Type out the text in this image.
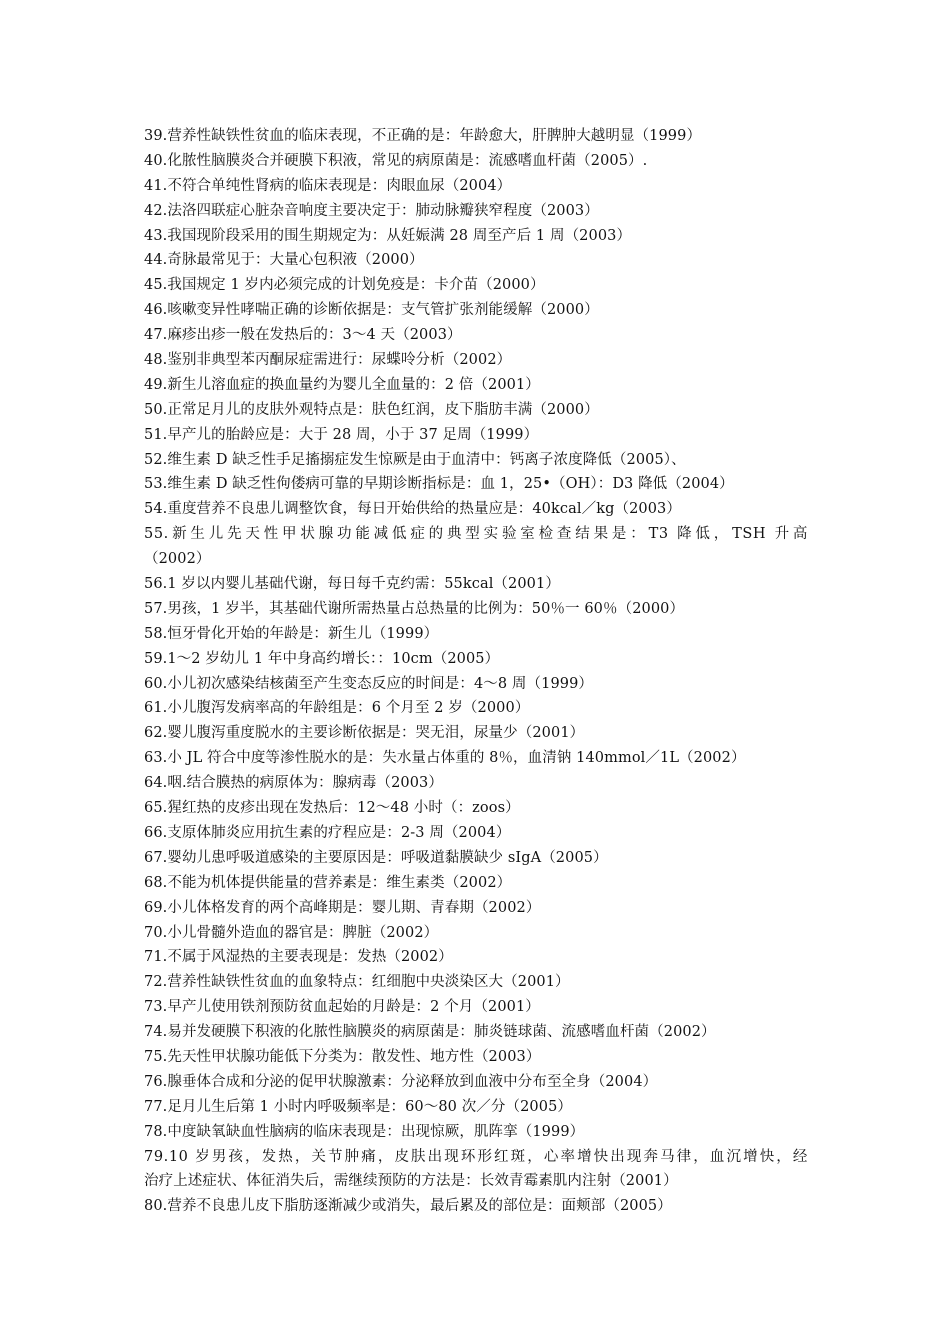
39.营养性缺铁性贫血的临床表现，不正确的是：年龄愈大，肝脾肿大越明显（1999）
40.化脓性脑膜炎合并硬膜下积液，常见的病原菌是：流感嗜血杆菌（2005）.
41.不符合单纯性肾病的临床表现是：肉眼血尿（2004）
42.法洛四联症心脏杂音响度主要决定于：肺动脉瓣狭窄程度（2003）
43.我国现阶段采用的围生期规定为：从妊娠满 28 周至产后 1 周（2003）
44.奇脉最常见于：大量心包积液（2000）
45.我国规定 1 岁内必须完成的计划免疫是：卡介苗（2000）
46.咳嗽变异性哮喘正确的诊断依据是：支气管扩张剂能缓解（2000）
47.麻疹出疹一般在发热后的：3～4 天（2003）
48.鉴别非典型苯丙酮尿症需进行：尿蝶呤分析（2002）
49.新生儿溶血症的换血量约为婴儿全血量的：2 倍（2001）
50.正常足月儿的皮肤外观特点是：肤色红润，皮下脂肪丰满（2000）
51.早产儿的胎龄应是：大于 28 周，小于 37 足周（1999）
52.维生素 D 缺乏性手足搐搦症发生惊厥是由于血清中：钙离子浓度降低（2005）、
53.维生素 D 缺乏性佝偻病可靠的早期诊断指标是：血 1，25•（OH）：D3 降低（2004）
54.重度营养不良患儿调整饮食，每日开始供给的热量应是：40kcal／kg（2003）
55.新生儿先天性甲状腺功能减低症的典型实验室检查结果是：T3 降低，TSH 升高
（2002）
56.1 岁以内婴儿基础代谢，每日每千克约需：55kcal（2001）
57.男孩，1 岁半，其基础代谢所需热量占总热量的比例为：50％一 60％（2000）
58.恒牙骨化开始的年龄是：新生儿（1999）
59.1～2 岁幼儿 1 年中身高约增长：：10cm（2005）
60.小儿初次感染结核菌至产生变态反应的时间是：4～8 周（1999）
61.小儿腹泻发病率高的年龄组是：6 个月至 2 岁（2000）
62.婴儿腹泻重度脱水的主要诊断依据是：哭无泪，尿量少（2001）
63.小 JL 符合中度等渗性脱水的是：失水量占体重的 8％，血清钠 140mmol／1L（2002）
64.咽.结合膜热的病原体为：腺病毒（2003）
65.猩红热的皮疹出现在发热后：12～48 小时（：zoos）
66.支原体肺炎应用抗生素的疗程应是：2-3 周（2004）
67.婴幼儿患呼吸道感染的主要原因是：呼吸道黏膜缺少 sIgA（2005）
68.不能为机体提供能量的营养素是：维生素类（2002）
69.小儿体格发育的两个高峰期是：婴儿期、青春期（2002）
70.小儿骨髓外造血的器官是：脾脏（2002）
71.不属于风湿热的主要表现是：发热（2002）
72.营养性缺铁性贫血的血象特点：红细胞中央淡染区大（2001）
73.早产儿使用铁剂预防贫血起始的月龄是：2 个月（2001）
74.易并发硬膜下积液的化脓性脑膜炎的病原菌是：肺炎链球菌、流感嗜血杆菌（2002）
75.先天性甲状腺功能低下分类为：散发性、地方性（2003）
76.腺垂体合成和分泌的促甲状腺激素：分泌释放到血液中分布至全身（2004）
77.足月儿生后第 1 小时内呼吸频率是：60～80 次／分（2005）
78.中度缺氧缺血性脑病的临床表现是：出现惊厥，肌阵挛（1999）
79.10 岁男孩，发热，关节肿痛，皮肤出现环形红斑，心率增快出现奔马律，血沉增快，经
治疗上述症状、体征消失后，需继续预防的方法是：长效青霉素肌内注射（2001）
80.营养不良患儿皮下脂肪逐渐减少或消失，最后累及的部位是：面颊部（2005）
